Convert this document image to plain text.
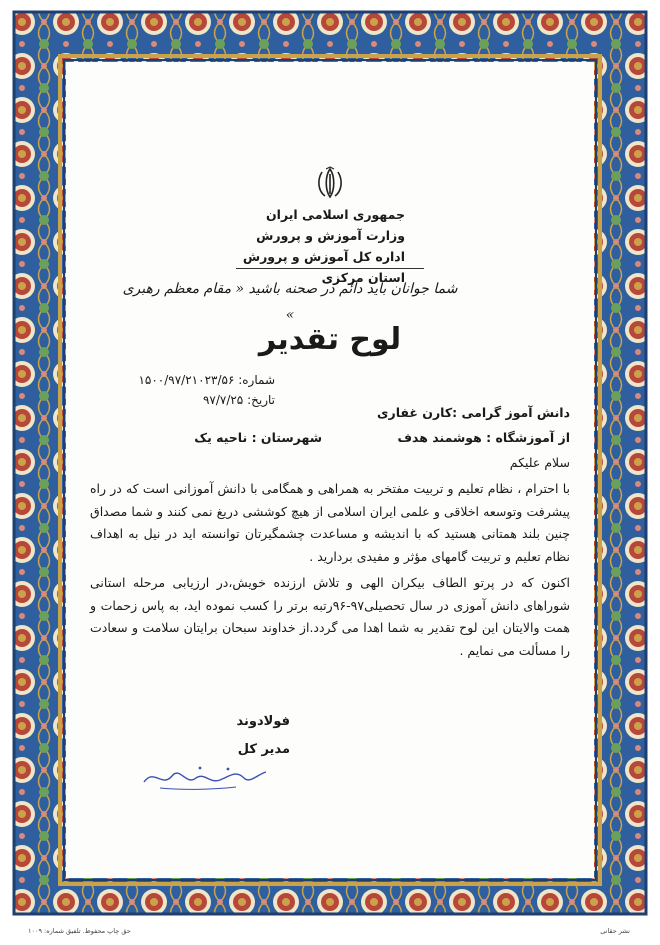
جمهوری اسلامی ایران
وزارت آموزش و پرورش
اداره کل آموزش و پرورش استان مرکزی
شما جوانان باید دائم در صحنه باشید « مقام معظم رهبری »
لوح تقدیر
شماره: ۱۵۰۰/۹۷/۲۱۰۲۳/۵۶
تاریخ: ۹۷/۷/۲۵
دانش آموز گرامی :کارن غفاری
از آموزشگاه : هوشمند هدف
شهرستان : ناحیه یک
سلام علیکم

با احترام ، نظام تعلیم و تربیت مفتخر به همراهی و همگامی با دانش آموزانی است که در راه پیشرفت وتوسعه اخلاقی و علمی ایران اسلامی از هیچ کوششی دریغ نمی کنند و شما مصداق چنین بلند همتانی هستید که با اندیشه و مساعدت چشمگیرتان توانسته اید در نیل به اهداف نظام تعلیم و تربیت گامهای مؤثر و مفیدی بردارید .

اکنون که در پرتو الطاف بیکران الهی و تلاش ارزنده خویش،در ارزیابی مرحله استانی شوراهای دانش آموزی در سال تحصیلی۹۷-۹۶رتبه برتر را کسب نموده اید، به پاس زحمات و همت والایتان این لوح تقدیر به شما اهدا می گردد.از خداوند سبحان برایتان سلامت و سعادت را مسألت می نمایم .

فولادوند
مدیر کل
حق چاپ محفوظ. تلفیق شماره: ۱۰۰۹	نشر حقانی
